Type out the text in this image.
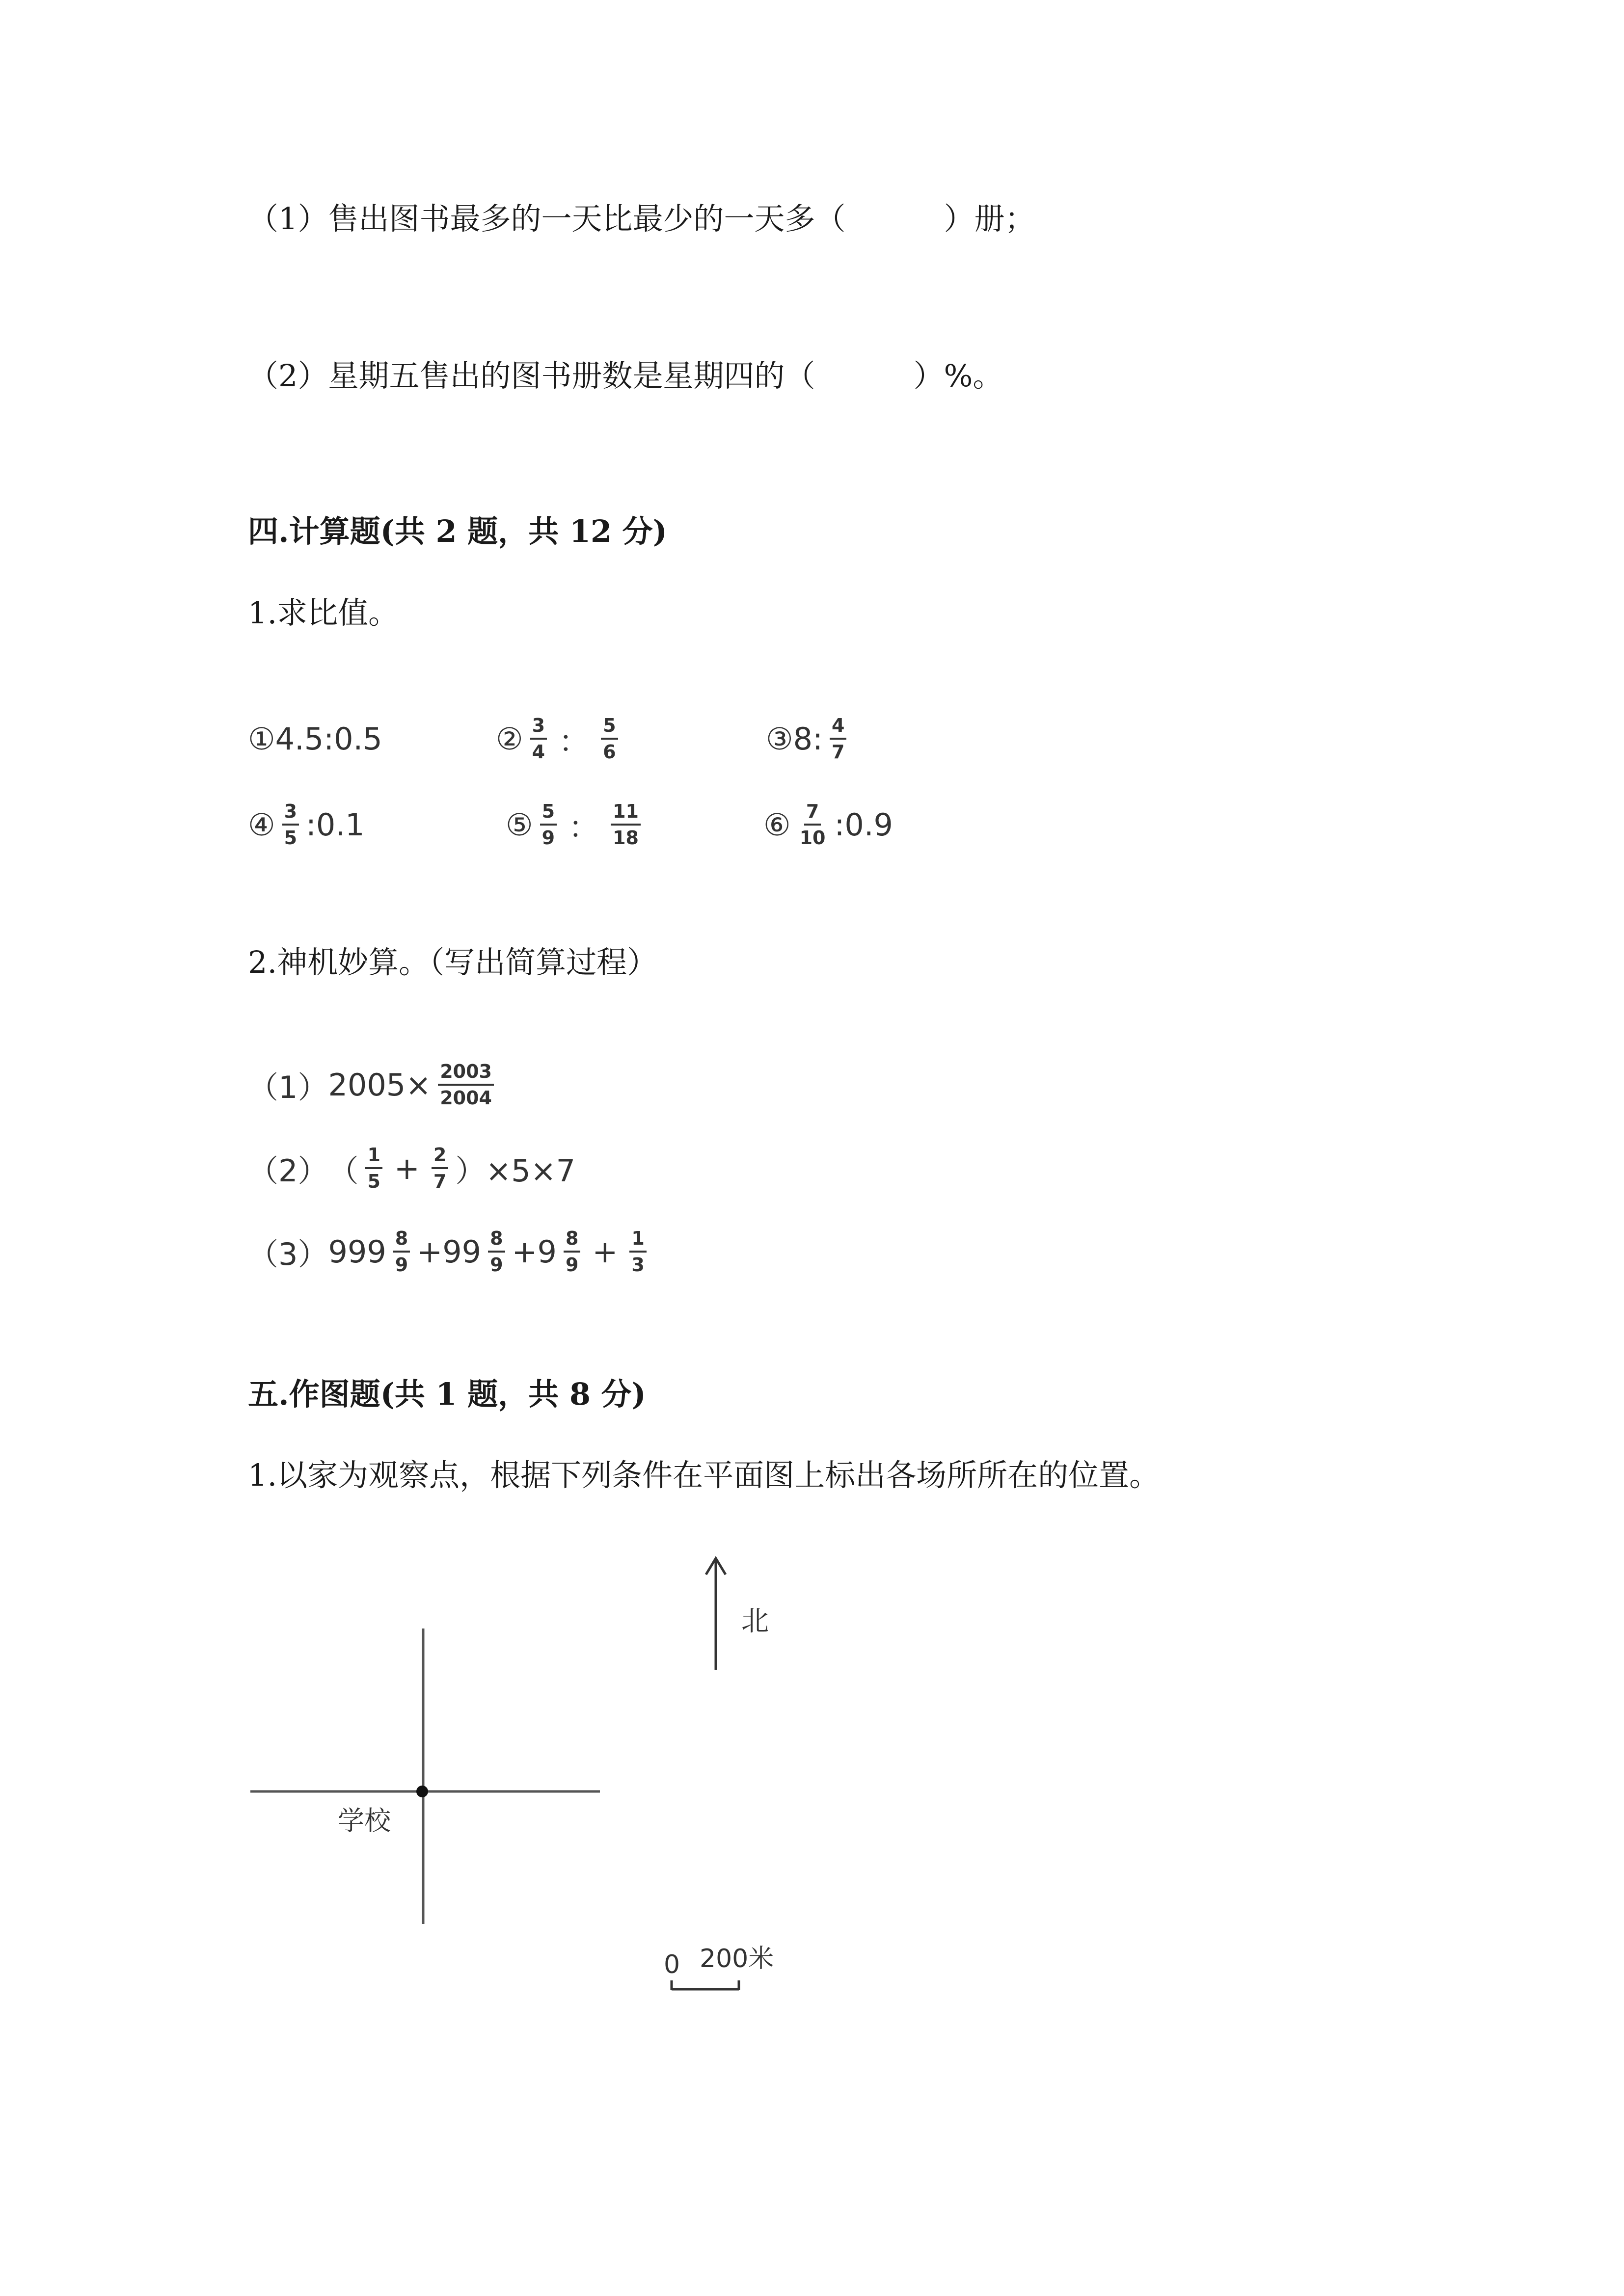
（1）售出图书最多的一天比最少的一天多（	）册；
（2）星期五售出的图书册数是星期四的（	）%。
四.计算题(共 2 题，共 12 分)
1.求比值。
① 4.5:0.5	② $\frac{3}{4}$ ： $\frac{5}{6}$	③ 8: $\frac{4}{7}$
④ $\frac{3}{5}$ :0.1	⑤ $\frac{5}{9}$ ： $\frac{11}{18}$	⑥ $\frac{7}{10}$ :0.9
2.神机妙算。（写出简算过程）
（1） $2005\times \frac{2003}{2004}$
（2） （ $\frac{1}{5} + \frac{2}{7} )\times 5\times 7$
（3） $999 \frac{8}{9} +99 \frac{8}{9} +9 \frac{8}{9} + \frac{1}{3}$
五.作图题(共 1 题，共 8 分)
1.以家为观察点，根据下列条件在平面图上标出各场所所在的位置。
北
学校
0 200米
